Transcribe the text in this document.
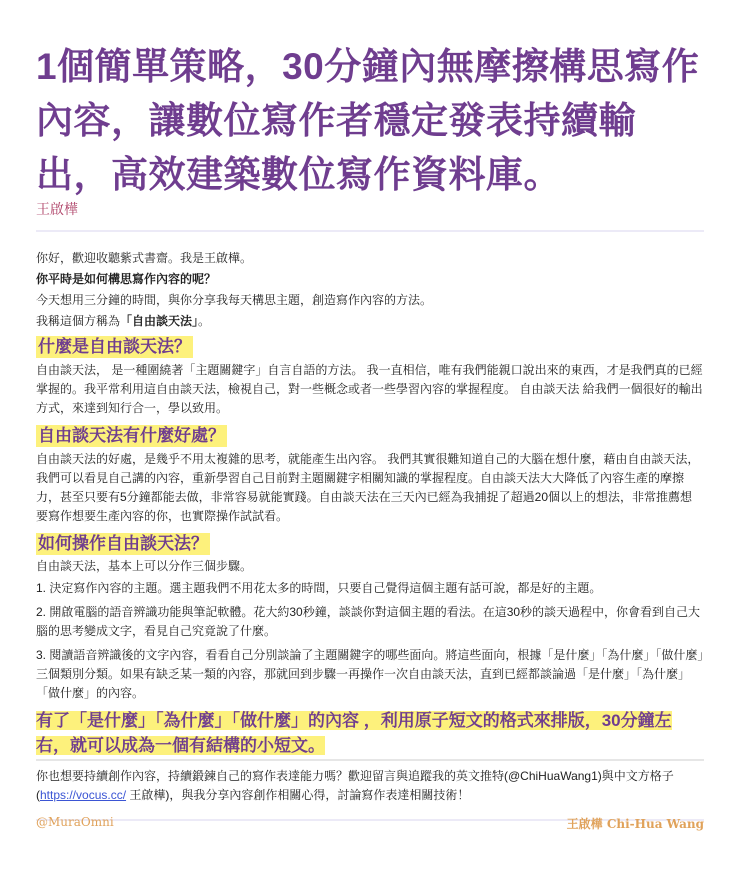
1個簡單策略，30分鐘內無摩擦構思寫作內容，讓數位寫作者穩定發表持續輸出，高效建築數位寫作資料庫。
王啟樺

你好，歡迎收聽紫式書齋。我是王啟樺。

你平時是如何構思寫作內容的呢？

今天想用三分鐘的時間，與你分享我每天構思主題，創造寫作內容的方法。

我稱這個方稱為「自由談天法」。

什麼是自由談天法？

自由談天法， 是一種圍繞著「主題關鍵字」自言自語的方法。 我一直相信，唯有我們能親口說出來的東西，才是我們真的已經掌握的。我平常利用這自由談天法，檢視自己，對一些概念或者一些學習內容的掌握程度。 自由談天法 給我們一個很好的輸出方式，來達到知行合一，學以致用。

自由談天法有什麼好處？

自由談天法的好處，是幾乎不用太複雜的思考，就能產生出內容。 我們其實很難知道自己的大腦在想什麼，藉由自由談天法，我們可以看見自己講的內容，重新學習自己目前對主題關鍵字相關知識的掌握程度。自由談天法大大降低了內容生產的摩擦力，甚至只要有5分鐘都能去做，非常容易就能實踐。自由談天法在三天內已經為我捕捉了超過20個以上的想法，非常推薦想要寫作想要生產內容的你，也實際操作試試看。

如何操作自由談天法？

自由談天法，基本上可以分作三個步驟。

1. 決定寫作內容的主題。選主題我們不用花太多的時間，只要自己覺得這個主題有話可說，都是好的主題。

2. 開啟電腦的語音辨識功能與筆記軟體。花大約30秒鐘，談談你對這個主題的看法。在這30秒的談天過程中，你會看到自己大腦的思考變成文字，看見自己究竟說了什麼。

3. 閱讀語音辨識後的文字內容，看看自己分別談論了主題關鍵字的哪些面向。將這些面向，根據「是什麼」「為什麼」「做什麼」三個類別分類。如果有缺乏某一類的內容，那就回到步驟一再操作一次自由談天法，直到已經都談論過「是什麼」「為什麼」「做什麼」的內容。

有了「是什麼」「為什麼」「做什麼」的內容 ，利用原子短文的格式來排版，30分鐘左右，就可以成為一個有結構的小短文。

你也想要持續創作內容，持續鍛鍊自己的寫作表達能力嗎？歡迎留言與追蹤我的英文推特(@ChiHuaWang1)與中文方格子(https://vocus.cc/ 王啟樺)，與我分享內容創作相關心得，討論寫作表達相關技術！

@MuraOmni	王啟樺 Chi-Hua Wang
